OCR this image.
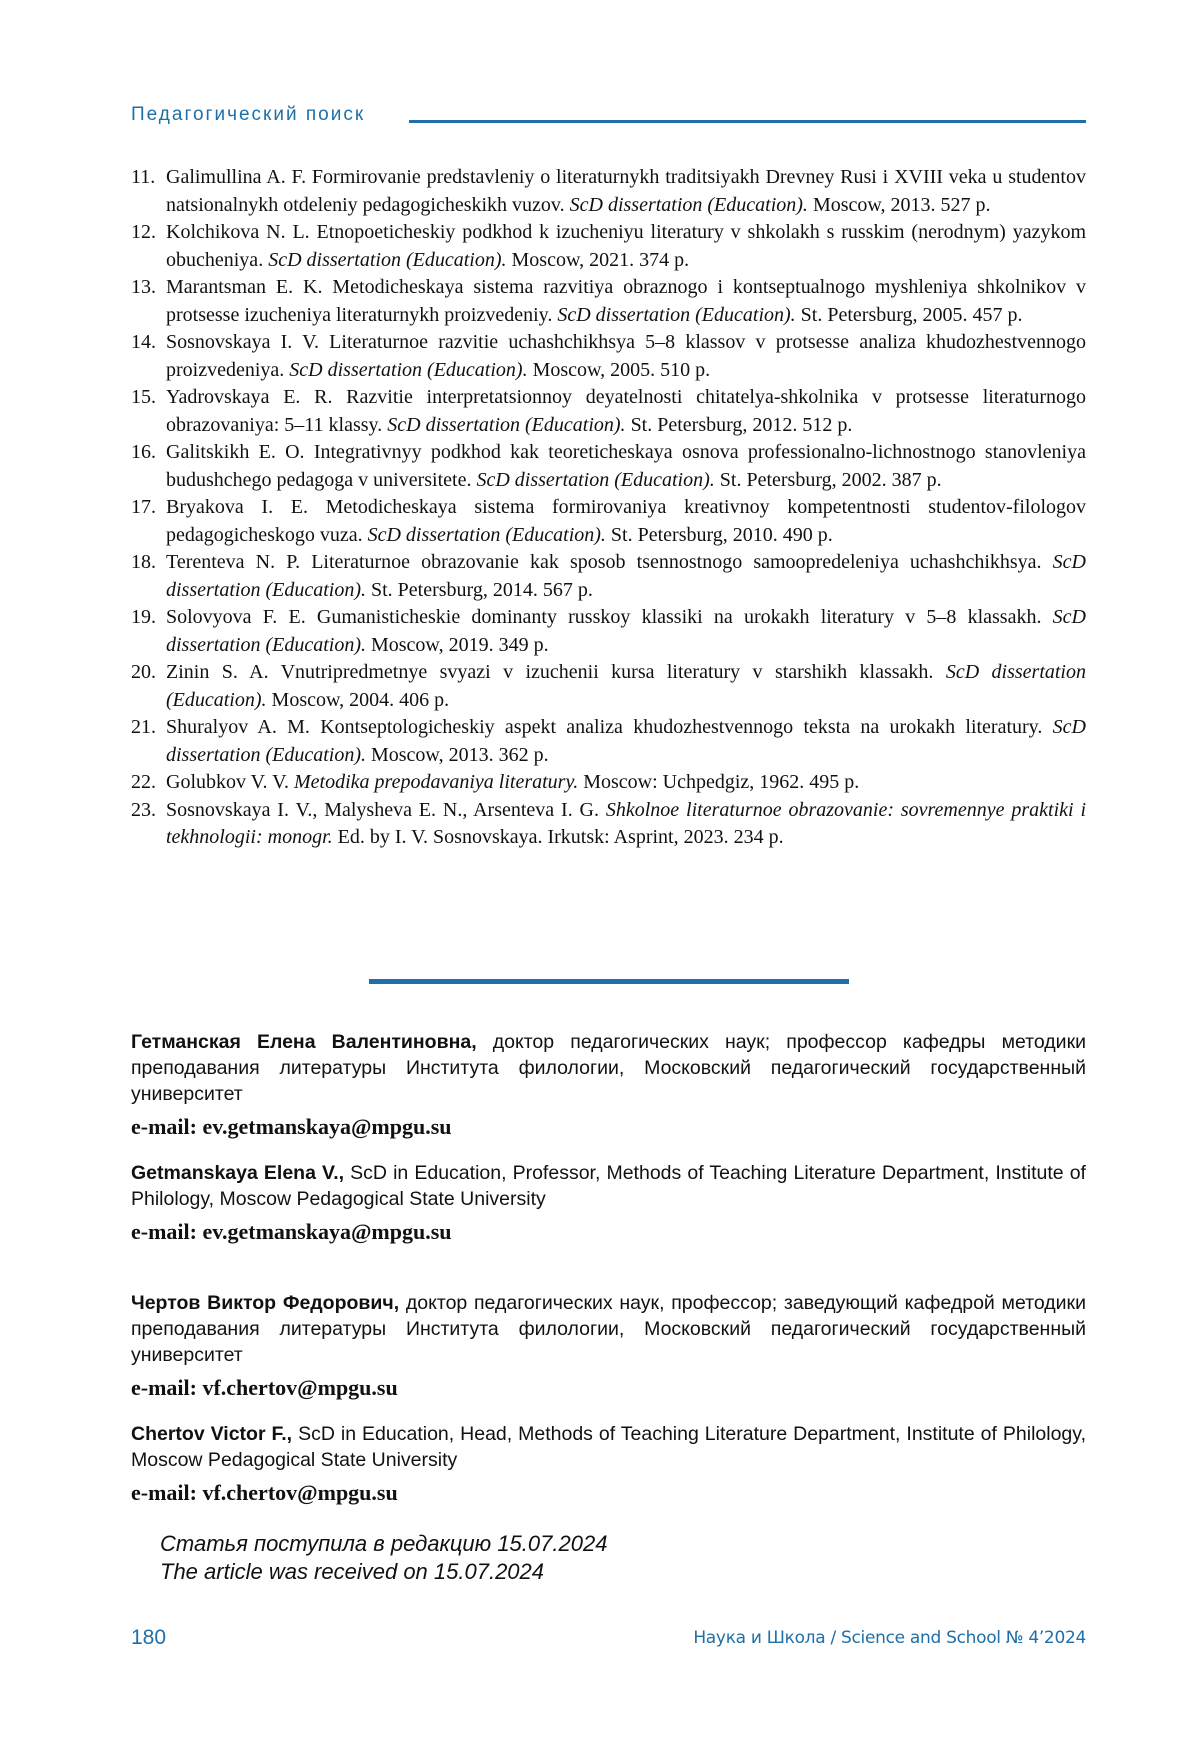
Педагогический поиск
11. Galimullina A. F. Formirovanie predstavleniy o literaturnykh traditsiyakh Drevney Rusi i XVIII veka u studentov natsionalnykh otdeleniy pedagogicheskikh vuzov. ScD dissertation (Education). Moscow, 2013. 527 p.
12. Kolchikova N. L. Etnopoeticheskiy podkhod k izucheniyu literatury v shkolakh s russkim (nerodnym) yazykom obucheniya. ScD dissertation (Education). Moscow, 2021. 374 p.
13. Marantsman E. K. Metodicheskaya sistema razvitiya obraznogo i kontseptualnogo myshleniya shkolnikov v protsesse izucheniya literaturnykh proizvedeniy. ScD dissertation (Education). St. Petersburg, 2005. 457 p.
14. Sosnovskaya I. V. Literaturnoe razvitie uchashchikhsya 5–8 klassov v protsesse analiza khudozhestvennogo proizvedeniya. ScD dissertation (Education). Moscow, 2005. 510 p.
15. Yadrovskaya E. R. Razvitie interpretatsionnoy deyatelnosti chitatelya-shkolnika v protsesse literaturnogo obrazovaniya: 5–11 klassy. ScD dissertation (Education). St. Petersburg, 2012. 512 p.
16. Galitskikh E. O. Integrativnyy podkhod kak teoreticheskaya osnova professionalno-lichnostnogo stanovleniya budushchego pedagoga v universitete. ScD dissertation (Education). St. Petersburg, 2002. 387 p.
17. Bryakova I. E. Metodicheskaya sistema formirovaniya kreativnoy kompetentnosti studentov-filologov pedagogicheskogo vuza. ScD dissertation (Education). St. Petersburg, 2010. 490 p.
18. Terenteva N. P. Literaturnoe obrazovanie kak sposob tsennostnogo samoopredeleniya uchashchikhsya. ScD dissertation (Education). St. Petersburg, 2014. 567 p.
19. Solovyova F. E. Gumanisticheskie dominanty russkoy klassiki na urokakh literatury v 5–8 klassakh. ScD dissertation (Education). Moscow, 2019. 349 p.
20. Zinin S. A. Vnutripredmetnye svyazi v izuchenii kursa literatury v starshikh klassakh. ScD dissertation (Education). Moscow, 2004. 406 p.
21. Shuralyov A. M. Kontseptologicheskiy aspekt analiza khudozhestvennogo teksta na urokakh literatury. ScD dissertation (Education). Moscow, 2013. 362 p.
22. Golubkov V. V. Metodika prepodavaniya literatury. Moscow: Uchpedgiz, 1962. 495 p.
23. Sosnovskaya I. V., Malysheva E. N., Arsenteva I. G. Shkolnoe literaturnoe obrazovanie: sovremennye praktiki i tekhnologii: monogr. Ed. by I. V. Sosnovskaya. Irkutsk: Asprint, 2023. 234 p.

Гетманская Елена Валентиновна, доктор педагогических наук; профессор кафедры методики преподавания литературы Института филологии, Московский педагогический государственный университет

e-mail: ev.getmanskaya@mpgu.su

Getmanskaya Elena V., ScD in Education, Professor, Methods of Teaching Literature Department, Institute of Philology, Moscow Pedagogical State University

e-mail: ev.getmanskaya@mpgu.su

Чертов Виктор Федорович, доктор педагогических наук, профессор; заведующий кафедрой методики преподавания литературы Института филологии, Московский педагогический государственный университет

e-mail: vf.chertov@mpgu.su

Chertov Victor F., ScD in Education, Head, Methods of Teaching Literature Department, Institute of Philology, Moscow Pedagogical State University

e-mail: vf.chertov@mpgu.su
Статья поступила в редакцию 15.07.2024
The article was received on 15.07.2024
180	Наука и Школа / Science and School № 4’2024
